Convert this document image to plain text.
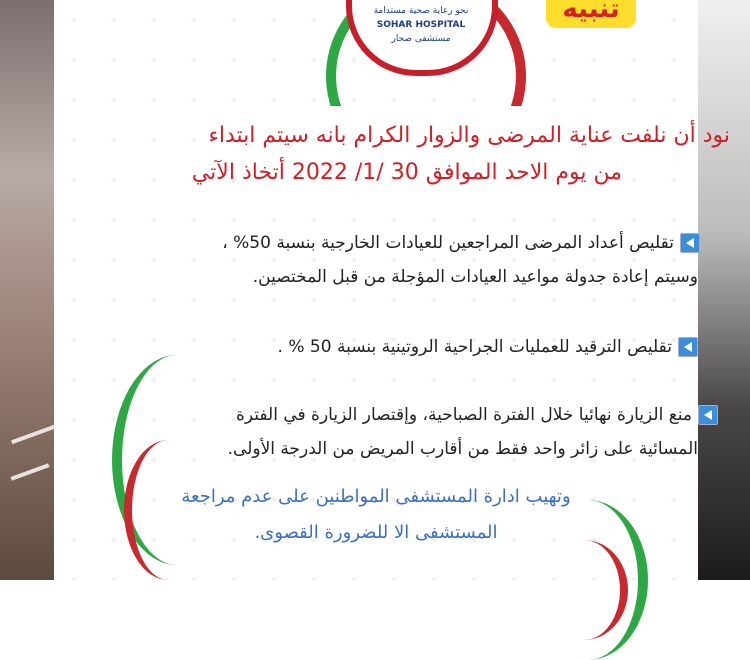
نحو رعاية صحية مستدامة
SOHAR HOSPITAL
مستشفى صحار
تنبيه

نود أن نلفت عناية المرضى والزوار الكرام بانه سيتم ابتداء

من يوم الاحد الموافق 30 /1/ 2022 أتخاذ الآتي

تقليص أعداد المرضى المراجعين للعيادات الخارجية بنسبة 50% ،

وسيتم إعادة جدولة مواعيد العيادات المؤجلة من قبل المختصين.

تقليص الترقيد للعمليات الجراحية الروتينية بنسبة 50 % .

منع الزيارة نهائيا خلال الفترة الصباحية، وإقتصار الزيارة في الفترة

المسائية على زائر واحد فقط من أقارب المريض من الدرجة الأولى.

وتهيب ادارة المستشفى المواطنين على عدم مراجعة

المستشفى الا للضرورة القصوى.
